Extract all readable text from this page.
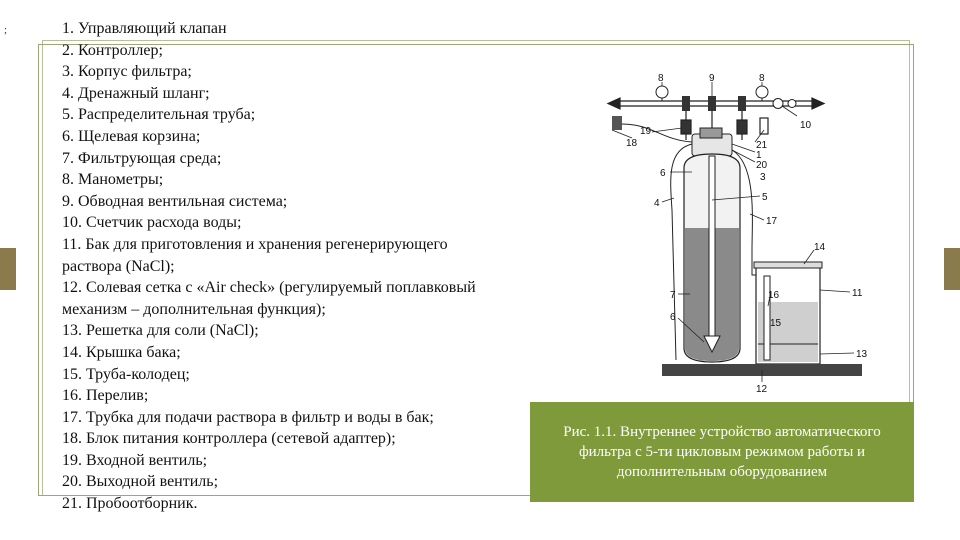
;	1. Управляющий клапан
2. Контроллер;
3. Корпус фильтра;
4. Дренажный шланг;
5. Распределительная труба;
6. Щелевая корзина;
7. Фильтрующая среда;
8. Манометры;
9. Обводная вентильная система;
10. Счетчик расхода воды;
11. Бак для приготовления и хранения регенерирующего раствора (NaCl);
12. Солевая сетка с «Air check» (регулируемый поплавковый механизм – дополнительная функция);
13. Решетка для соли (NaCl);
14. Крышка бака;
15. Труба-колодец;
16. Перелив;
17. Трубка для подачи раствора в фильтр и воды в бак;
18. Блок питания контроллера (сетевой адаптер);
19. Входной вентиль;
20. Выходной вентиль;
21. Пробоотборник.
8	9	8
18
19
10
21
1
20
6	3
5
4
17
14
11
7	16
6
15
13
12
Рис. 1.1. Внутреннее устройство автоматического фильтра с 5-ти цикловым режимом работы и дополнительным оборудованием
